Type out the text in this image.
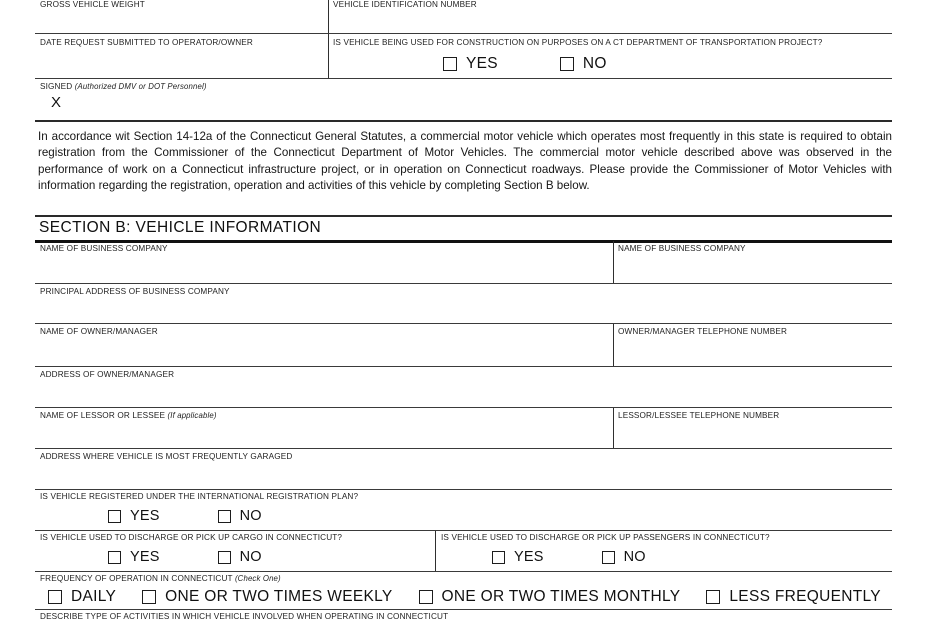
GROSS VEHICLE WEIGHT	VEHICLE IDENTIFICATION NUMBER
DATE REQUEST SUBMITTED TO OPERATOR/OWNER	IS VEHICLE BEING USED FOR CONSTRUCTION ON PURPOSES ON A CT DEPARTMENT OF TRANSPORTATION PROJECT?
YES	NO
SIGNED (Authorized DMV or DOT Personnel)
X
In accordance wit Section 14-12a of the Connecticut General Statutes, a commercial motor vehicle which operates most frequently in this state is required to obtain registration from the Commissioner of the Connecticut Department of Motor Vehicles. The commercial motor vehicle described above was observed in the performance of work on a Connecticut infrastructure project, or in operation on Connecticut roadways. Please provide the Commissioner of Motor Vehicles with information regarding the registration, operation and activities of this vehicle by completing Section B below.
SECTION B: VEHICLE INFORMATION
NAME OF BUSINESS COMPANY	NAME OF BUSINESS COMPANY
PRINCIPAL ADDRESS OF BUSINESS COMPANY
NAME OF OWNER/MANAGER	OWNER/MANAGER TELEPHONE NUMBER
ADDRESS OF OWNER/MANAGER
NAME OF LESSOR OR LESSEE (If applicable)	LESSOR/LESSEE TELEPHONE NUMBER
ADDRESS WHERE VEHICLE IS MOST FREQUENTLY GARAGED
IS VEHICLE REGISTERED UNDER THE INTERNATIONAL REGISTRATION PLAN?
YES	NO
IS VEHICLE USED TO DISCHARGE OR PICK UP CARGO IN CONNECTICUT?
YES	NO
IS VEHICLE USED TO DISCHARGE OR PICK UP PASSENGERS IN CONNECTICUT?
YES	NO
FREQUENCY OF OPERATION IN CONNECTICUT (Check One)
DAILY	ONE OR TWO TIMES WEEKLY	ONE OR TWO TIMES MONTHLY	LESS FREQUENTLY
DESCRIBE TYPE OF ACTIVITIES IN WHICH VEHICLE INVOLVED WHEN OPERATING IN CONNECTICUT
